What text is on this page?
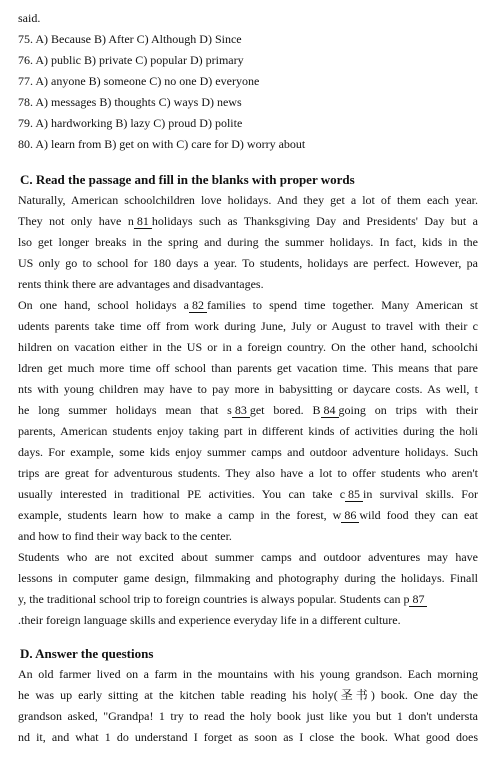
said.
75. A) Because B) After C) Although D) Since
76. A) public B) private C) popular D) primary
77. A) anyone B) someone C) no one D) everyone
78. A) messages B) thoughts C) ways D) news
79. A) hardworking B) lazy C) proud D) polite
80. A) learn from B) get on with C) care for D) worry about
C. Read the passage and fill in the blanks with proper words
Naturally, American schoolchildren love holidays. And they get a lot of them each year.
They not only have n 81 holidays such as Thanksgiving Day and Presidents' Day but a
lso get longer breaks in the spring and during the summer holidays. In fact, kids in the
US only go to school for 180 days a year. To students, holidays are perfect. However, pa
rents think there are advantages and disadvantages.
On one hand, school holidays a 82 families to spend time together. Many American st
udents parents take time off from work during June, July or August to travel with their c
hildren on vacation either in the US or in a foreign country. On the other hand, schoolchi
ldren get much more time off school than parents get vacation time. This means that pare
nts with young children may have to pay more in babysitting or daycare costs. As well, t
he long summer holidays mean that s 83 get bored. B 84 going on trips with their
parents, American students enjoy taking part in different kinds of activities during the holi
days. For example, some kids enjoy summer camps and outdoor adventure holidays. Such
trips are great for adventurous students. They also have a lot to offer students who aren't
usually interested in traditional PE activities. You can take c 85 in survival skills. For
example, students learn how to make a camp in the forest, w 86 wild food they can eat
and how to find their way back to the center.
Students who are not excited about summer camps and outdoor adventures may have
lessons in computer game design, filmmaking and photography during the holidays. Finall
y, the traditional school trip to foreign countries is always popular. Students can p 87
.their foreign language skills and experience everyday life in a different culture.
D. Answer the questions
An old farmer lived on a farm in the mountains with his young grandson. Each morning
he was up early sitting at the kitchen table reading his holy(圣书) book. One day the
grandson asked, "Grandpa! 1 try to read the holy book just like you but 1 don't understa
nd it, and what 1 do understand I forget as soon as I close the book. What good does
